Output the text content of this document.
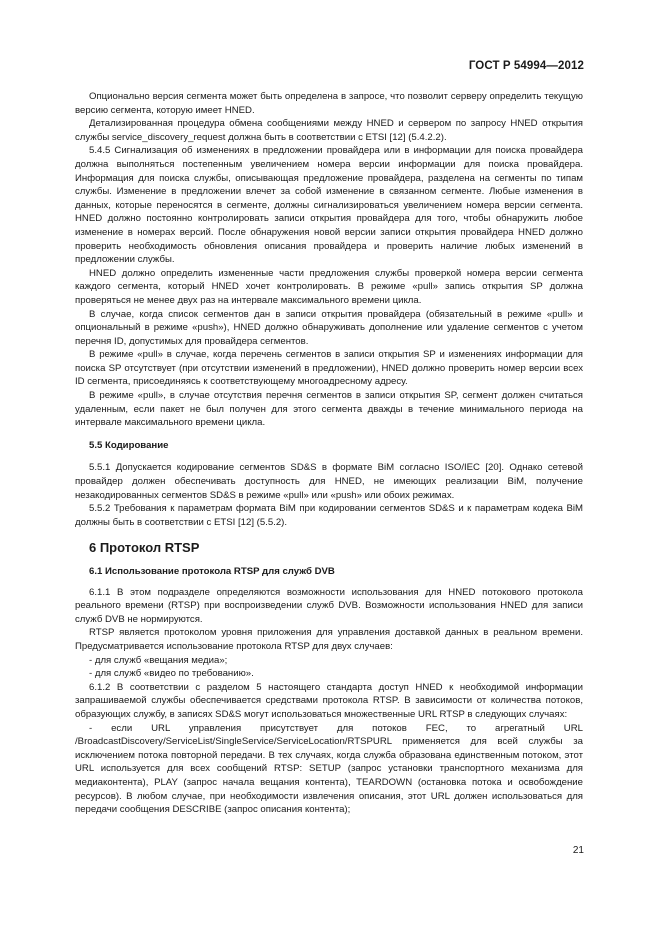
ГОСТ Р 54994—2012

Опционально версия сегмента может быть определена в запросе, что позволит серверу определить текущую версию сегмента, которую имеет HNED.

Детализированная процедура обмена сообщениями между HNED и сервером по запросу HNED открытия службы service_discovery_request должна быть в соответствии с ETSI [12] (5.4.2.2).

5.4.5 Сигнализация об изменениях в предложении провайдера или в информации для поиска провайдера должна выполняться постепенным увеличением номера версии информации для поиска провайдера. Информация для поиска службы, описывающая предложение провайдера, разделена на сегменты по типам службы. Изменение в предложении влечет за собой изменение в связанном сегменте. Любые изменения в данных, которые переносятся в сегменте, должны сигнализироваться увеличением номера версии сегмента. HNED должно постоянно контролировать записи открытия провайдера для того, чтобы обнаружить любое изменение в номерах версий. После обнаружения новой версии записи открытия провайдера HNED должно проверить необходимость обновления описания провайдера и проверить наличие любых изменений в предложении службы.

HNED должно определить измененные части предложения службы проверкой номера версии сегмента каждого сегмента, который HNED хочет контролировать. В режиме «pull» запись открытия SP должна проверяться не менее двух раз на интервале максимального времени цикла.

В случае, когда список сегментов дан в записи открытия провайдера (обязательный в режиме «pull» и опциональный в режиме «push»), HNED должно обнаруживать дополнение или удаление сегментов с учетом перечня ID, допустимых для провайдера сегментов.

В режиме «pull» в случае, когда перечень сегментов в записи открытия SP и изменениях информации для поиска SP отсутствует (при отсутствии изменений в предложении), HNED должно проверить номер версии всех ID сегмента, присоединяясь к соответствующему многоадресному адресу.

В режиме «pull», в случае отсутствия перечня сегментов в записи открытия SP, сегмент должен считаться удаленным, если пакет не был получен для этого сегмента дважды в течение минимального периода на интервале максимального времени цикла.

5.5 Кодирование

5.5.1 Допускается кодирование сегментов SD&S в формате BiM согласно ISO/IEC [20]. Однако сетевой провайдер должен обеспечивать доступность для HNED, не имеющих реализации BiM, получение незакодированных сегментов SD&S в режиме «pull» или «push» или обоих режимах.

5.5.2 Требования к параметрам формата BiM при кодировании сегментов SD&S и к параметрам кодека BiM должны быть в соответствии с ETSI [12] (5.5.2).

6 Протокол RTSP
6.1 Использование протокола RTSP для служб DVB

6.1.1 В этом подразделе определяются возможности использования для HNED потокового протокола реального времени (RTSP) при воспроизведении служб DVB. Возможности использования HNED для записи служб DVB не нормируются.

RTSP является протоколом уровня приложения для управления доставкой данных в реальном времени. Предусматривается использование протокола RTSP для двух случаев:

- для служб «вещания медиа»;

- для служб «видео по требованию».

6.1.2 В соответствии с разделом 5 настоящего стандарта доступ HNED к необходимой информации запрашиваемой службы обеспечивается средствами протокола RTSP. В зависимости от количества потоков, образующих службу, в записях SD&S могут использоваться множественные URL RTSP в следующих случаях:

- если URL управления присутствует для потоков FEC, то агрегатный URL /BroadcastDiscovery/ServiceList/SingleService/ServiceLocation/RTSPURL применяется для всей службы за исключением потока повторной передачи. В тех случаях, когда служба образована единственным потоком, этот URL используется для всех сообщений RTSP: SETUP (запрос установки транспортного механизма для медиаконтента), PLAY (запрос начала вещания контента), TEARDOWN (остановка потока и освобождение ресурсов). В любом случае, при необходимости извлечения описания, этот URL должен использоваться для передачи сообщения DESCRIBE (запрос описания контента);

21
